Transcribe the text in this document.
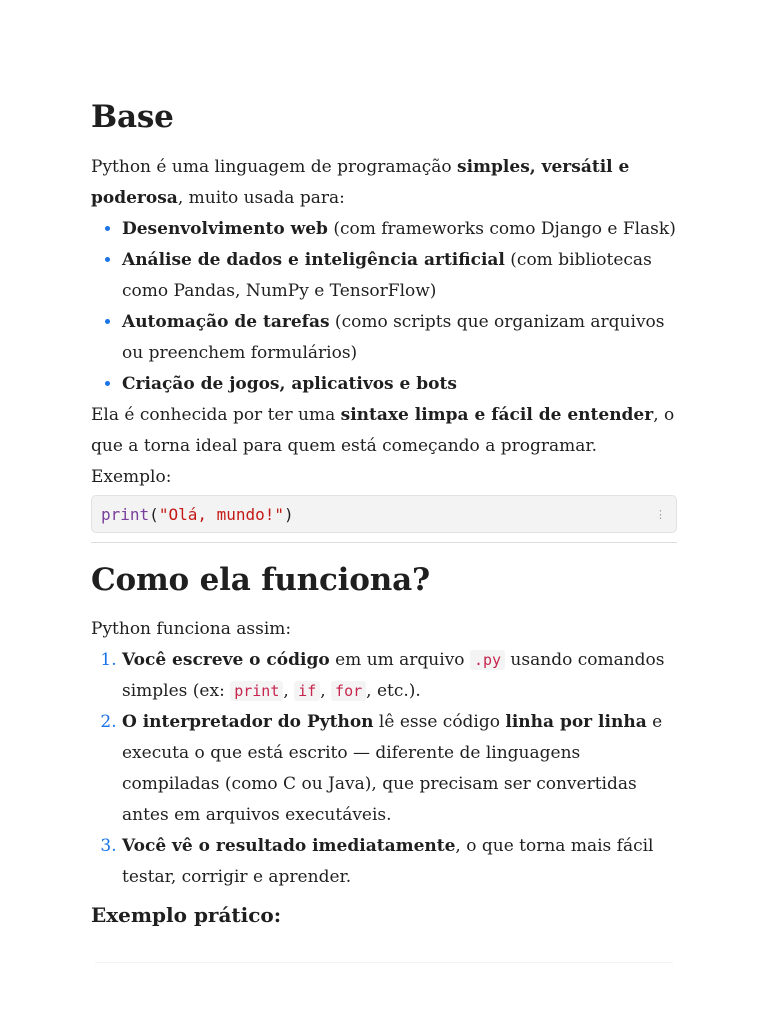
Base

Python é uma linguagem de programação simples, versátil e poderosa, muito usada para:

• Desenvolvimento web (com frameworks como Django e Flask)
• Análise de dados e inteligência artificial (com bibliotecas como Pandas, NumPy e TensorFlow)
• Automação de tarefas (como scripts que organizam arquivos ou preenchem formulários)
• Criação de jogos, aplicativos e bots

Ela é conhecida por ter uma sintaxe limpa e fácil de entender, o que a torna ideal para quem está começando a programar. Exemplo:

print("Olá, mundo!")	⋮
Como ela funciona?

Python funciona assim:

1. Você escreve o código em um arquivo .py usando comandos simples (ex: print , if , for , etc.).
2. O interpretador do Python lê esse código linha por linha e executa o que está escrito — diferente de linguagens compiladas (como C ou Java), que precisam ser convertidas antes em arquivos executáveis.
3. Você vê o resultado imediatamente, o que torna mais fácil testar, corrigir e aprender.
Exemplo prático:
